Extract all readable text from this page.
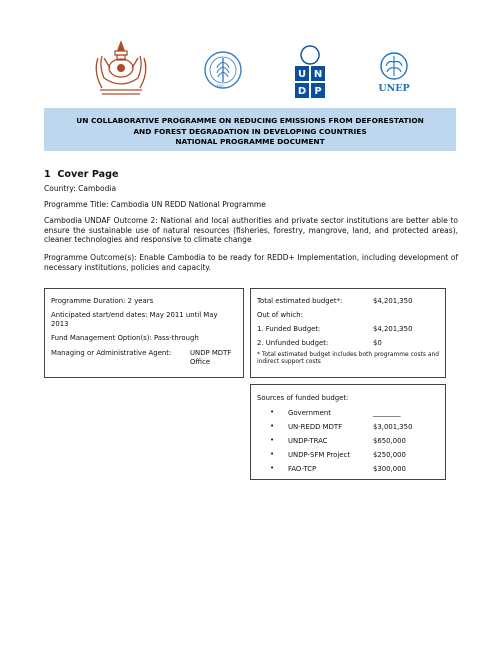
FAO
U N
D P	UNEP
UN COLLABORATIVE PROGRAMME ON REDUCING EMISSIONS FROM DEFORESTATION
AND FOREST DEGRADATION IN DEVELOPING COUNTRIES
NATIONAL PROGRAMME DOCUMENT
1 Cover Page
Country: Cambodia
Programme Title: Cambodia UN REDD National Programme
Cambodia UNDAF Outcome 2: National and local authorities and private sector institutions are better able to ensure the sustainable use of natural resources (fisheries, forestry, mangrove, land, and protected areas), cleaner technologies and responsive to climate change
Programme Outcome(s): Enable Cambodia to be ready for REDD+ Implementation, including development of necessary institutions, policies and capacity.
Programme Duration: 2 years
Anticipated start/end dates: May 2011 until May
2013
Fund Management Option(s): Pass-through
Managing or Administrative Agent:	UNDP MDTF
Office
Total estimated budget*:	$4,201,350
Out of which:
1. Funded Budget:	$4,201,350
2. Unfunded budget:	$0
* Total estimated budget includes both programme costs and indirect support costs
Sources of funded budget:
• Government	________
• UN-REDD MDTF	$3,001,350
• UNDP-TRAC	$650,000
• UNDP-SFM Project	$250,000
• FAO-TCP	$300,000
